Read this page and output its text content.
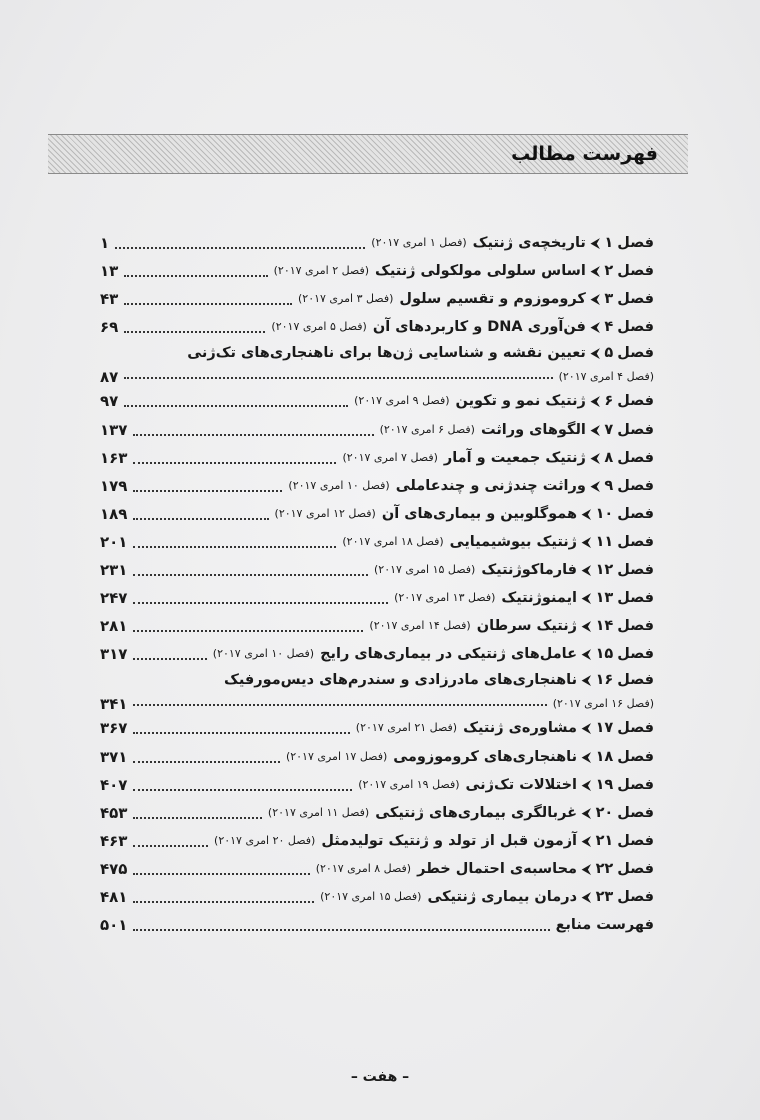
فهرست مطالب
فصل
۱
⮜
تاریخچه‌ی ژنتیک
(فصل ۱ امری ۲۰۱۷)
۱
فصل
۲
⮜
اساس سلولی مولکولی ژنتیک
(فصل ۲ امری ۲۰۱۷)
۱۳
فصل
۳
⮜
کروموزوم و تقسیم سلول
(فصل ۳ امری ۲۰۱۷)
۴۳
فصل
۴
⮜
فن‌آوری DNA و کاربردهای آن
(فصل ۵ امری ۲۰۱۷)
۶۹
فصل
۵
⮜
تعیین نقشه و شناسایی ژن‌ها برای ناهنجاری‌های تک‌ژنی
(فصل ۴ امری ۲۰۱۷)
۸۷
فصل
۶
⮜
ژنتیک نمو و تکوین
(فصل ۹ امری ۲۰۱۷)
۹۷
فصل
۷
⮜
الگوهای وراثت
(فصل ۶ امری ۲۰۱۷)
۱۳۷
فصل
۸
⮜
ژنتیک جمعیت و آمار
(فصل ۷ امری ۲۰۱۷)
۱۶۳
فصل
۹
⮜
وراثت چندژنی و چندعاملی
(فصل ۱۰ امری ۲۰۱۷)
۱۷۹
فصل
۱۰
⮜
هموگلوبین و بیماری‌های آن
(فصل ۱۲ امری ۲۰۱۷)
۱۸۹
فصل
۱۱
⮜
ژنتیک بیوشیمیایی
(فصل ۱۸ امری ۲۰۱۷)
۲۰۱
فصل
۱۲
⮜
فارماکوژنتیک
(فصل ۱۵ امری ۲۰۱۷)
۲۳۱
فصل
۱۳
⮜
ایمنوژنتیک
(فصل ۱۳ امری ۲۰۱۷)
۲۴۷
فصل
۱۴
⮜
ژنتیک سرطان
(فصل ۱۴ امری ۲۰۱۷)
۲۸۱
فصل
۱۵
⮜
عامل‌های ژنتیکی در بیماری‌های رایج
(فصل ۱۰ امری ۲۰۱۷)
۳۱۷
فصل
۱۶
⮜
ناهنجاری‌های مادرزادی و سندرم‌های دیس‌مورفیک
(فصل ۱۶ امری ۲۰۱۷)
۳۴۱
فصل
۱۷
⮜
مشاوره‌ی ژنتیک
(فصل ۲۱ امری ۲۰۱۷)
۳۶۷
فصل
۱۸
⮜
ناهنجاری‌های کروموزومی
(فصل ۱۷ امری ۲۰۱۷)
۳۷۱
فصل
۱۹
⮜
اختلالات تک‌ژنی
(فصل ۱۹ امری ۲۰۱۷)
۴۰۷
فصل
۲۰
⮜
غربالگری بیماری‌های ژنتیکی
(فصل ۱۱ امری ۲۰۱۷)
۴۵۳
فصل
۲۱
⮜
آزمون قبل از تولد و ژنتیک تولیدمثل
(فصل ۲۰ امری ۲۰۱۷)
۴۶۳
فصل
۲۲
⮜
محاسبه‌ی احتمال خطر
(فصل ۸ امری ۲۰۱۷)
۴۷۵
فصل
۲۳
⮜
درمان بیماری ژنتیکی
(فصل ۱۵ امری ۲۰۱۷)
۴۸۱
فهرست منابع
۵۰۱
– هفت –
